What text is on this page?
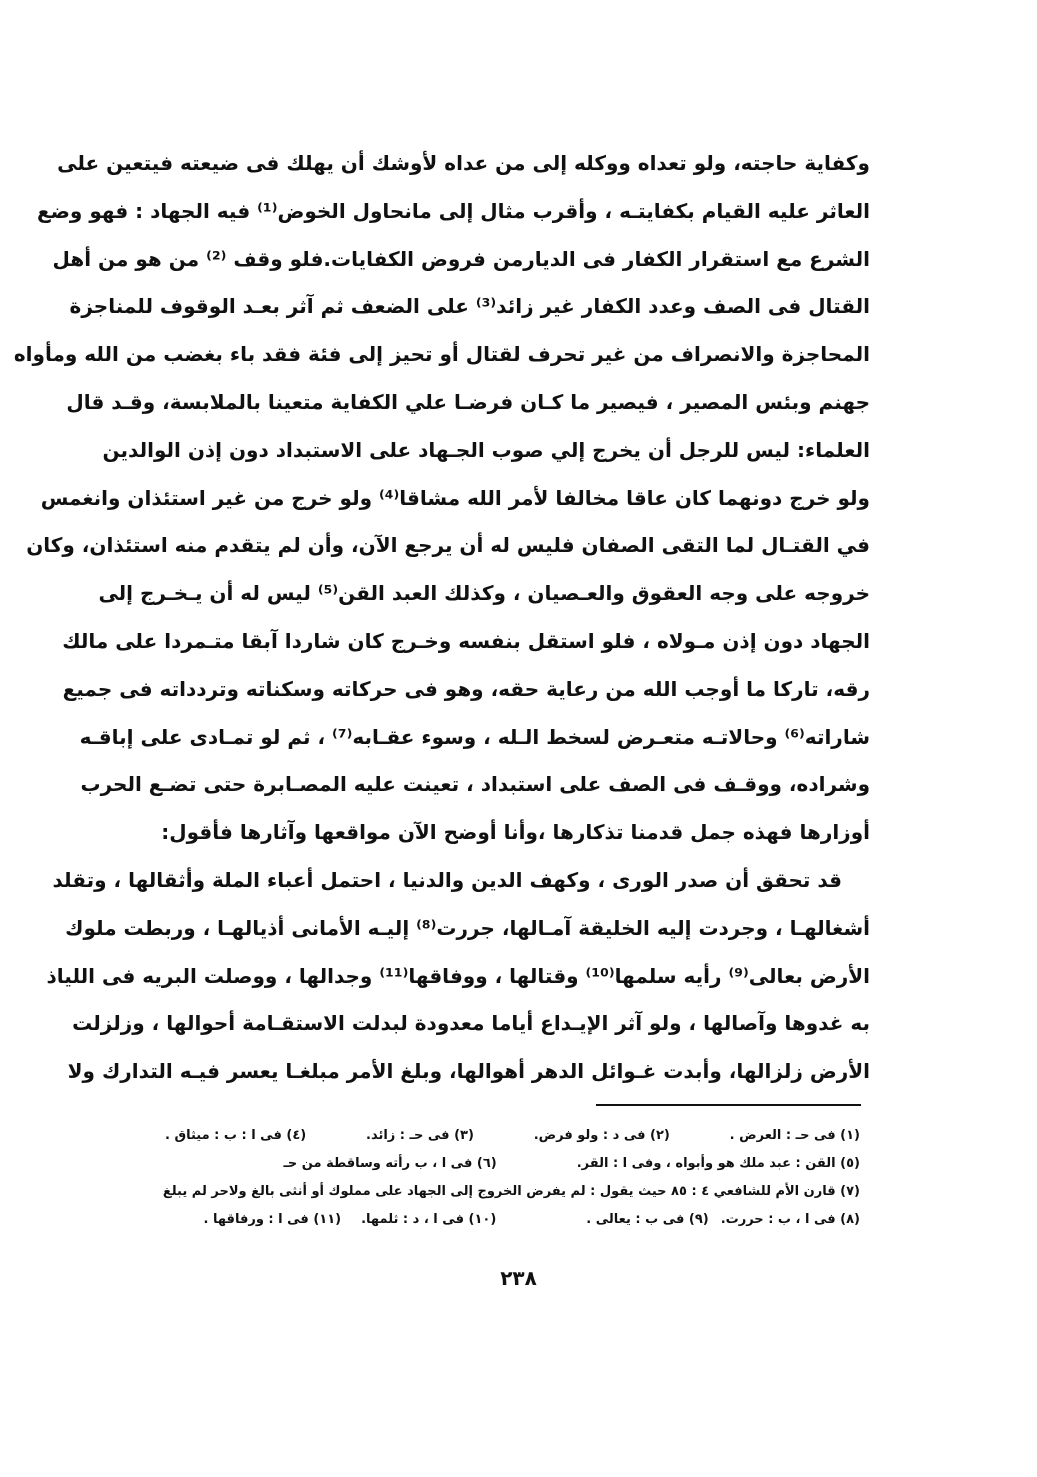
وكفاية حاجته، ولو تعداه ووكله إلى من عداه لأوشك أن يهلك فى ضيعته فيتعين على
العاثر عليه القيام بكفايتـه ، وأقرب مثال إلى مانحاول الخوض⁽¹⁾ فيه الجهاد : فهو وضع
الشرع مع استقرار الكفار فى الديارمن فروض الكفايات.فلو وقف ⁽²⁾ من هو من أهل
القتال فى الصف وعدد الكفار غير زائد⁽³⁾ على الضعف ثم آثر بعـد الوقوف للمناجزة
المحاجزة والانصراف من غير تحرف لقتال أو تحيز إلى فئة فقد باء بغضب من الله ومأواه
جهنم وبئس المصير ، فيصير ما كـان فرضـا علي الكفاية متعينا بالملابسة، وقـد قال
العلماء: ليس للرجل أن يخرج إلي صوب الجـهاد على الاستبداد دون إذن الوالدين
ولو خرج دونهما كان عاقا مخالفا لأمر الله مشاقا⁽⁴⁾ ولو خرج من غير استئذان وانغمس
في القتـال لما التقى الصفان فليس له أن يرجع الآن، وأن لم يتقدم منه استئذان، وكان
خروجه على وجه العقوق والعـصيان ، وكذلك العبد القن⁽⁵⁾ ليس له أن يـخـرج إلى
الجهاد دون إذن مـولاه ، فلو استقل بنفسه وخـرج كان شاردا آبقا متـمردا على مالك
رقه، تاركا ما أوجب الله من رعاية حقه، وهو فى حركاته وسكناته وتردداته فى جميع
شاراته⁽⁶⁾ وحالاتـه متعـرض لسخط الـله ، وسوء عقـابه⁽⁷⁾ ، ثم لو تمـادى على إباقـه
وشراده، ووقـف فى الصف على استبداد ، تعينت عليه المصـابرة حتى تضـع الحرب
أوزارها فهذه جمل قدمنا تذكارها ،وأنا أوضح الآن مواقعها وآثارها فأقول:
قد تحقق أن صدر الورى ، وكهف الدين والدنيا ، احتمل أعباء الملة وأثقالها ، وتقلد
أشغالهـا ، وجردت إليه الخليقة آمـالها، جررت⁽⁸⁾ إليـه الأمانى أذيالهـا ، وربطت ملوك
الأرض بعالى⁽⁹⁾ رأيه سلمها⁽¹⁰⁾ وقتالها ، ووفاقها⁽¹¹⁾ وجدالها ، ووصلت البريه فى اللياذ
به غدوها وآصالها ، ولو آثر الإيـداع أياما معدودة لبدلت الاستقـامة أحوالها ، وزلزلت
الأرض زلزالها، وأبدت غـوائل الدهر أهوالها، وبلغ الأمر مبلغـا يعسر فيـه التدارك ولا
(١) فى حـ : العرض .
(٢) فى د : ولو فرض.
(٣) فى حـ : زائد.
(٤) فى ا : ب : ميثاق .
(٥) القن : عبد ملك هو وأبواه ، وفى ا : القر.
(٦) فى ا ، ب رأته وساقطة من حـ
(٧) قارن الأم للشافعي ٤ : ٨٥ حيث يقول : لم يفرض الخروج إلى الجهاد على مملوك أو أنثى بالغ ولاحر لم يبلغ
(٨) فى ا ، ب : حررت.
(٩) فى ب : يعالى .
(١٠) فى ا ، د : ثلمها.
(١١) فى ا : ورفاقها .
٢٣٨
